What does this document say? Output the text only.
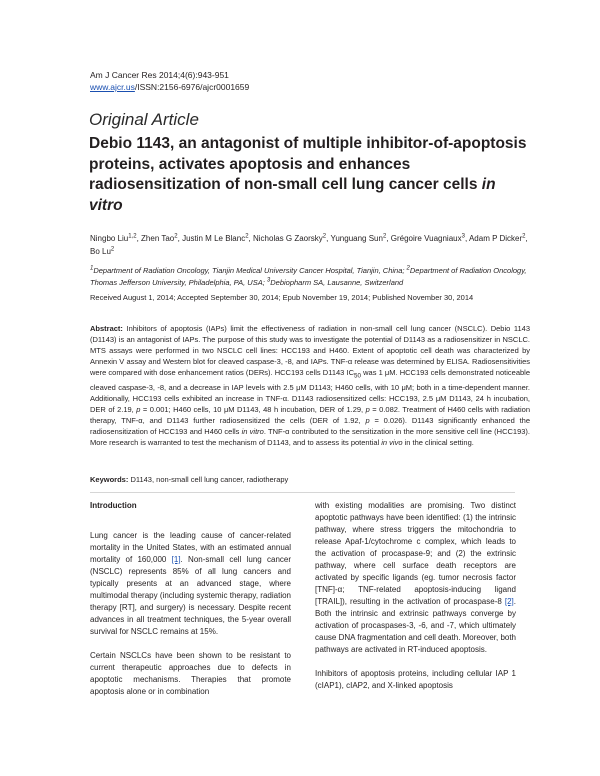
Am J Cancer Res 2014;4(6):943-951
www.ajcr.us/ISSN:2156-6976/ajcr0001659
Original Article
Debio 1143, an antagonist of multiple inhibitor-of-apoptosis proteins, activates apoptosis and enhances radiosensitization of non-small cell lung cancer cells in vitro
Ningbo Liu$^{1,2}$, Zhen Tao$^2$, Justin M Le Blanc$^2$, Nicholas G Zaorsky$^2$, Yunguang Sun$^2$, Grégoire Vuagniaux$^3$, Adam P Dicker$^2$, Bo Lu$^2$
$^1$Department of Radiation Oncology, Tianjin Medical University Cancer Hospital, Tianjin, China; $^2$Department of Radiation Oncology, Thomas Jefferson University, Philadelphia, PA, USA; $^3$Debiopharm SA, Lausanne, Switzerland
Received August 1, 2014; Accepted September 30, 2014; Epub November 19, 2014; Published November 30, 2014
Abstract: Inhibitors of apoptosis (IAPs) limit the effectiveness of radiation in non-small cell lung cancer (NSCLC). Debio 1143 (D1143) is an antagonist of IAPs. The purpose of this study was to investigate the potential of D1143 as a radiosensitizer in NSCLC. MTS assays were performed in two NSCLC cell lines: HCC193 and H460. Extent of apoptotic cell death was characterized by Annexin V assay and Western blot for cleaved caspase-3, -8, and IAPs. TNF-α release was determined by ELISA. Radiosensitivities were compared with dose enhancement ratios (DERs). HCC193 cells D1143 $IC_{50}$ was 1 μM. HCC193 cells demonstrated noticeable cleaved caspase-3, -8, and a decrease in IAP levels with 2.5 μM D1143; H460 cells, with 10 μM; both in a time-dependent manner. Additionally, HCC193 cells exhibited an increase in TNF-α. D1143 radiosensitized cells: HCC193, 2.5 μM D1143, 24 h incubation, DER of 2.19, p = 0.001; H460 cells, 10 μM D1143, 48 h incubation, DER of 1.29, p = 0.082. Treatment of H460 cells with radiation therapy, TNF-α, and D1143 further radiosensitized the cells (DER of 1.92, p = 0.026). D1143 significantly enhanced the radiosensitization of HCC193 and H460 cells in vitro. TNF-α contributed to the sensitization in the more sensitive cell line (HCC193). More research is warranted to test the mechanism of D1143, and to assess its potential in vivo in the clinical setting.
Keywords: D1143, non-small cell lung cancer, radiotherapy
Introduction

Lung cancer is the leading cause of cancer-related mortality in the United States, with an estimated annual mortality of 160,000 [1]. Non-small cell lung cancer (NSCLC) represents 85% of all lung cancers and typically presents at an advanced stage, where multimodal therapy (including systemic therapy, radiation therapy [RT], and surgery) is necessary. Despite recent advances in all treatment techniques, the 5-year overall survival for NSCLC remains at 15%.

Certain NSCLCs have been shown to be resistant to current therapeutic approaches due to defects in apoptotic mechanisms. Therapies that promote apoptosis alone or in combination

with existing modalities are promising. Two distinct apoptotic pathways have been identified: (1) the intrinsic pathway, where stress triggers the mitochondria to release Apaf-1/cytochrome c complex, which leads to the activation of procaspase-9; and (2) the extrinsic pathway, where cell surface death receptors are activated by specific ligands (eg. tumor necrosis factor [TNF]-α; TNF-related apoptosis-inducing ligand [TRAIL]), resulting in the activation of procaspase-8 [2]. Both the intrinsic and extrinsic pathways converge by activation of procaspases-3, -6, and -7, which ultimately cause DNA fragmentation and cell death. Moreover, both pathways are activated in RT-induced apoptosis.

Inhibitors of apoptosis proteins, including cellular IAP 1 (cIAP1), cIAP2, and X-linked apoptosis
